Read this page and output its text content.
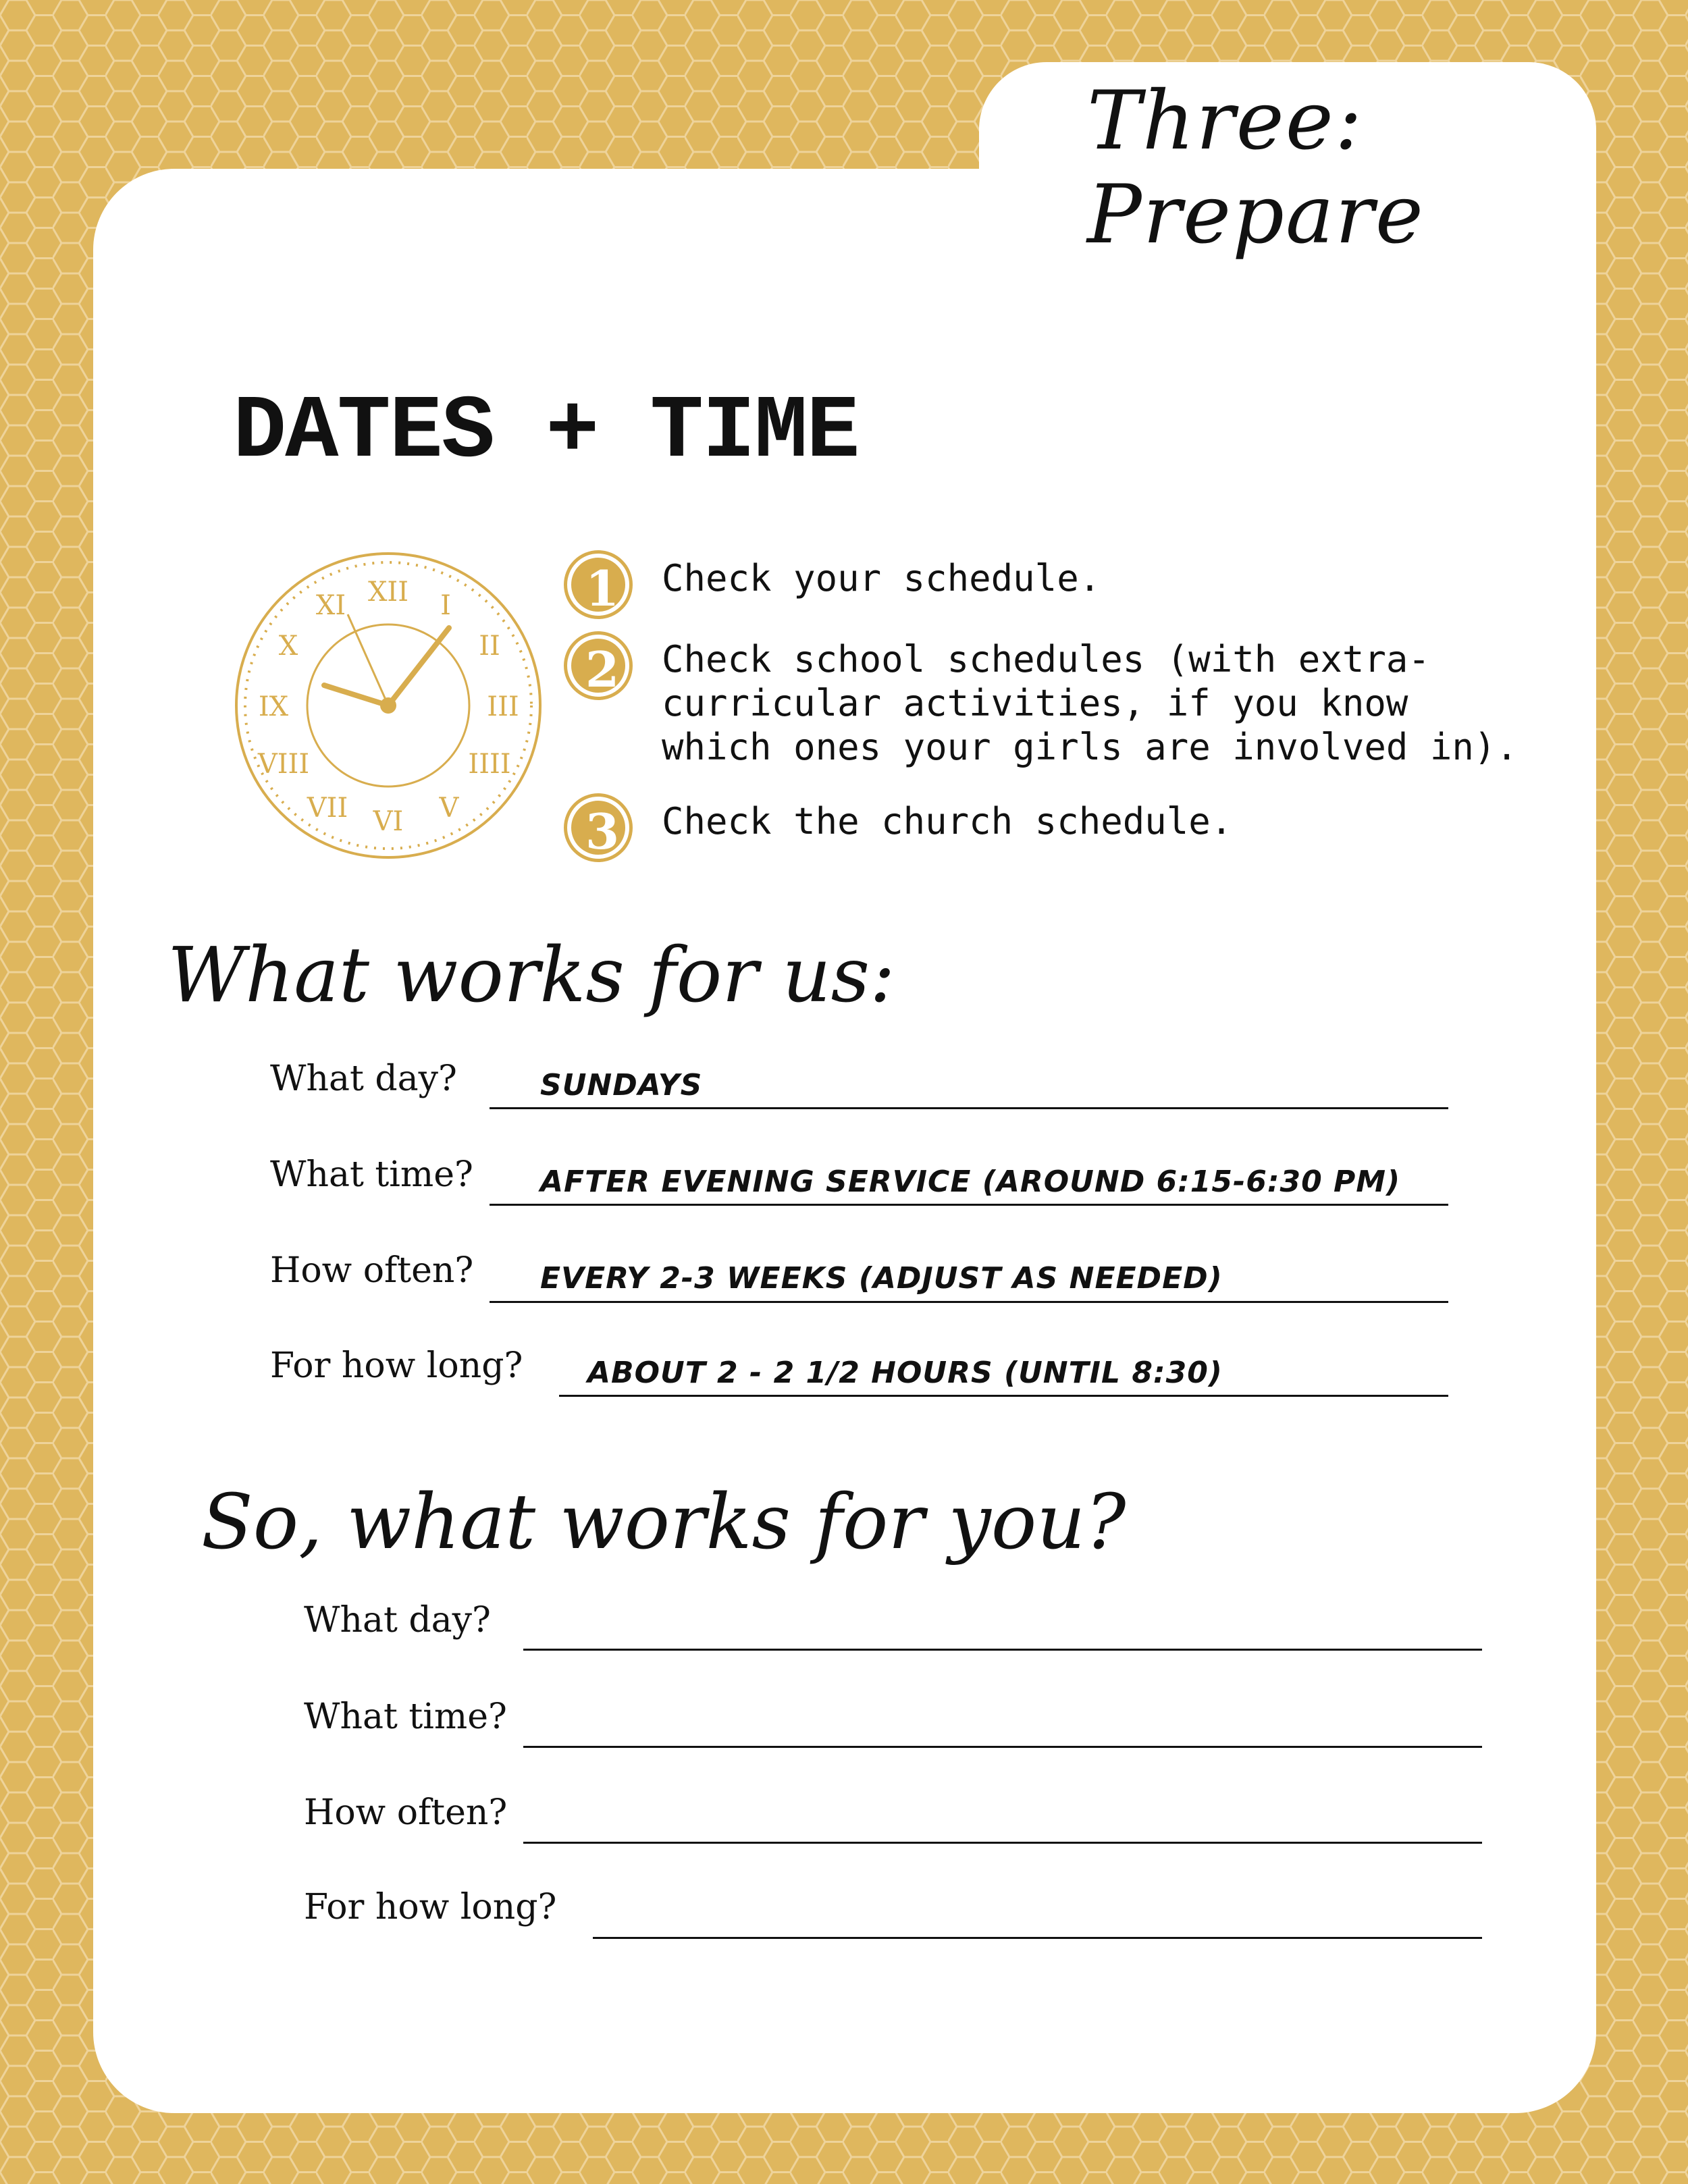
Three: Prepare
DATES + TIME
XII I
II
III
IIII
V
VI
VII
VIII
IX
X
XI	1	Check your schedule.
2	Check school schedules (with extra-curricular activities, if you know which ones your girls are involved in).
3	Check the church schedule.
What works for us:
What day?	SUNDAYS
What time? AFTER EVENING SERVICE (AROUND 6:15-6:30 PM)
How often? EVERY 2-3 WEEKS (ADJUST AS NEEDED)
For how long? ABOUT 2 - 2 1/2 HOURS (UNTIL 8:30)
So, what works for you?
What day?
What time?
How often?
For how long?
